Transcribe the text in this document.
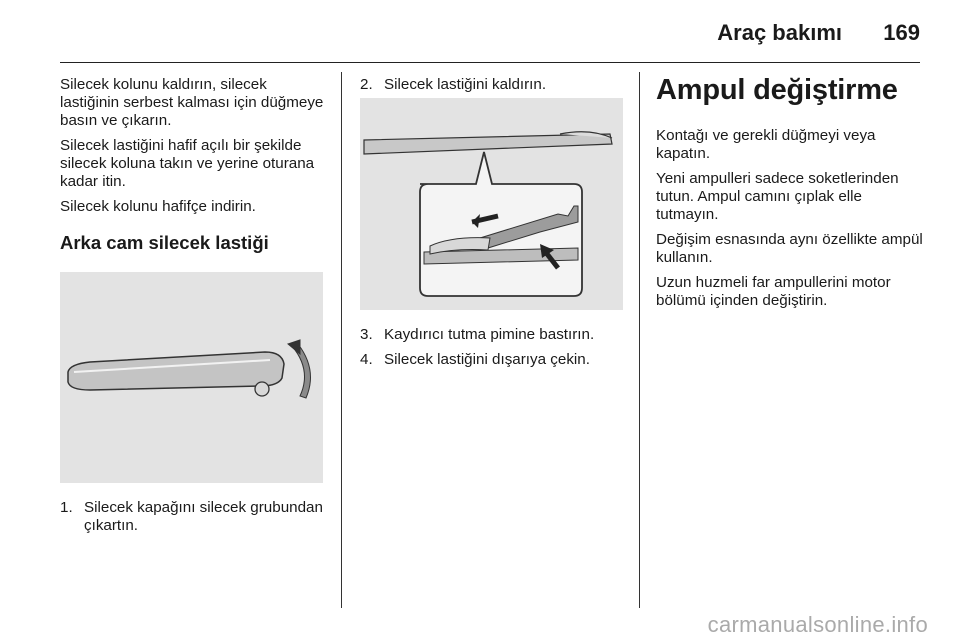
Araç bakımı 169

Silecek kolunu kaldırın, silecek lastiğinin serbest kalması için düğmeye basın ve çıkarın.

Silecek lastiğini hafif açılı bir şekilde silecek koluna takın ve yerine oturana kadar itin.

Silecek kolunu hafifçe indirin.

Arka cam silecek lastiği
1. Silecek kapağını silecek grubundan çıkartın.
2. Silecek lastiğini kaldırın.
3. Kaydırıcı tutma pimine bastırın.
4. Silecek lastiğini dışarıya çekin.
Ampul değiştirme

Kontağı ve gerekli düğmeyi veya kapatın.

Yeni ampulleri sadece soketlerinden tutun. Ampul camını çıplak elle tutmayın.

Değişim esnasında aynı özellikte ampül kullanın.

Uzun huzmeli far ampullerini motor bölümü içinden değiştirin.

carmanualsonline.info
